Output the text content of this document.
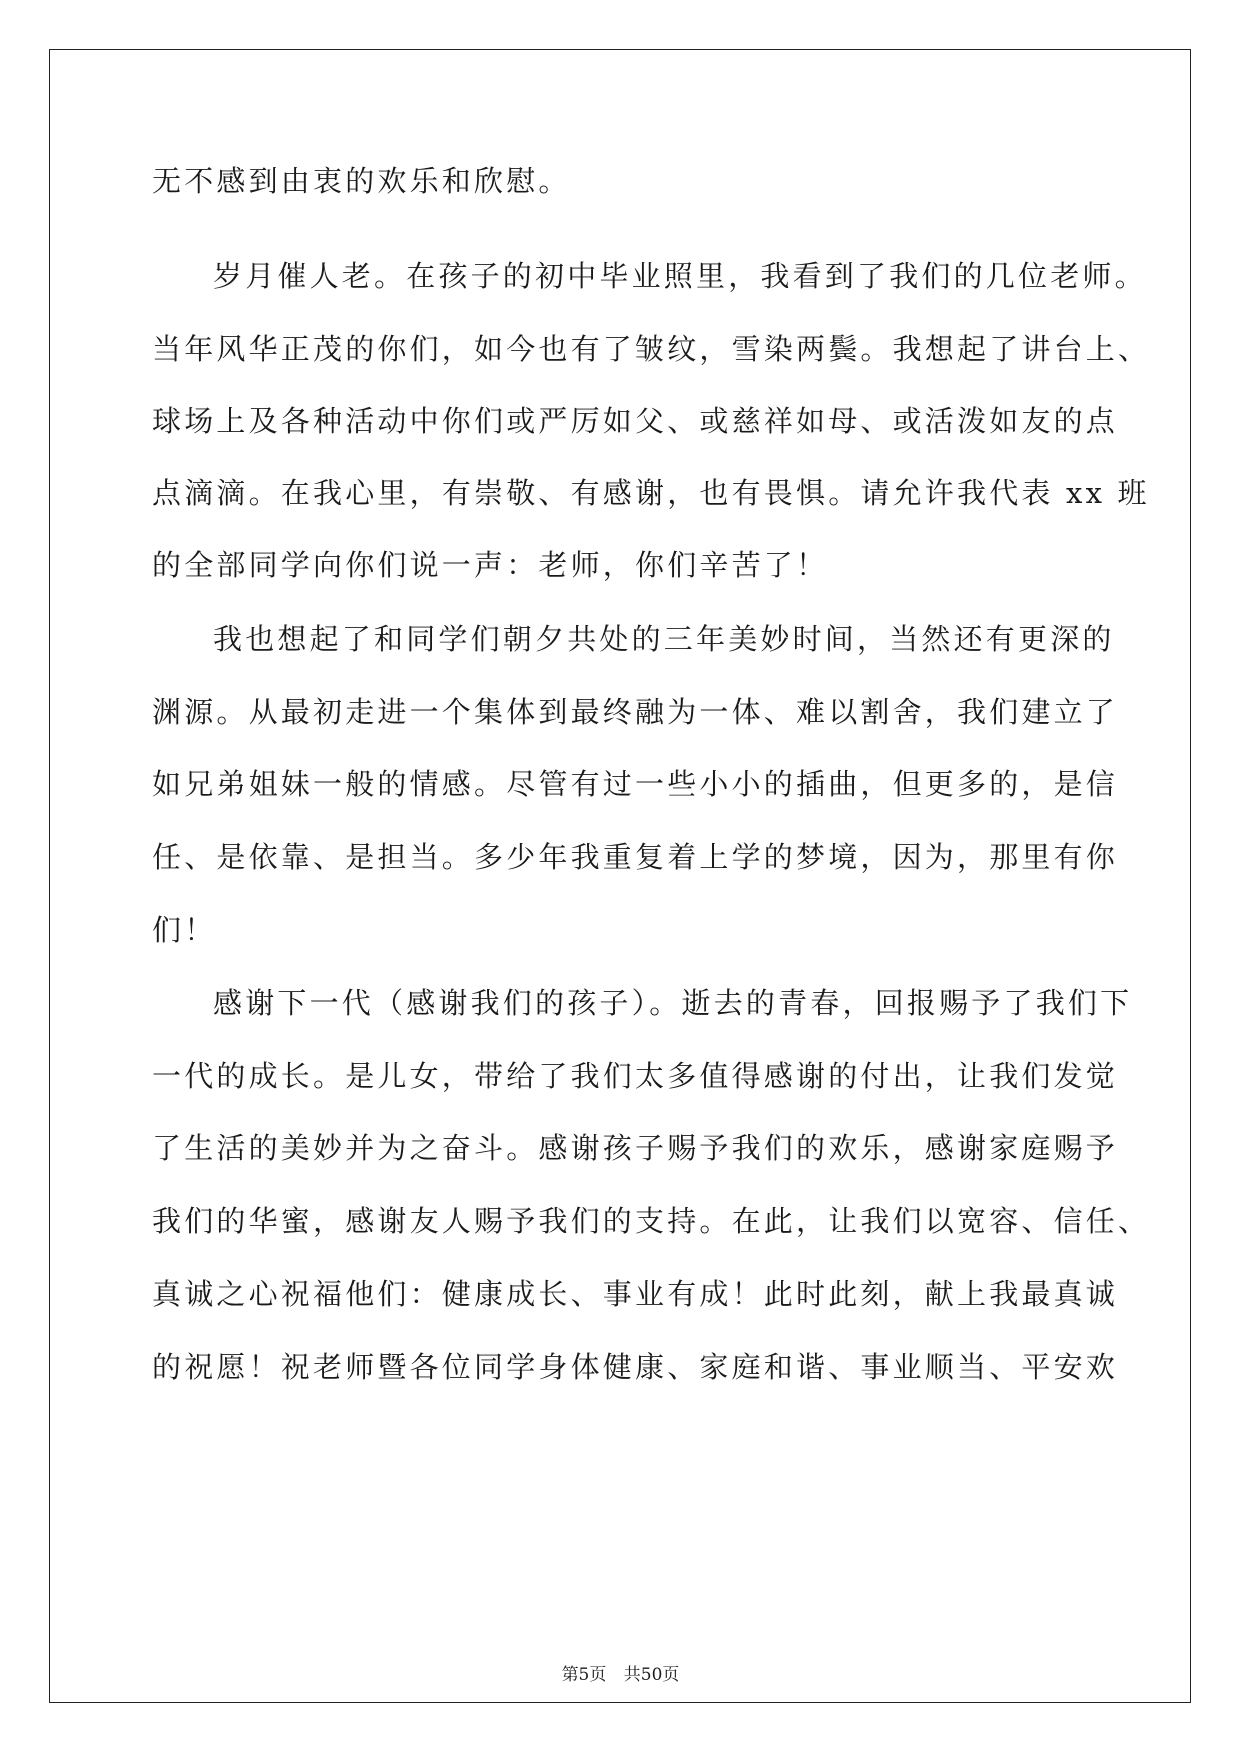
无不感到由衷的欢乐和欣慰。
岁月催人老。在孩子的初中毕业照里，我看到了我们的几位老师。
当年风华正茂的你们，如今也有了皱纹，雪染两鬓。我想起了讲台上、
球场上及各种活动中你们或严厉如父、或慈祥如母、或活泼如友的点
点滴滴。在我心里，有崇敬、有感谢，也有畏惧。请允许我代表 xx 班
的全部同学向你们说一声：老师，你们辛苦了！
我也想起了和同学们朝夕共处的三年美妙时间，当然还有更深的
渊源。从最初走进一个集体到最终融为一体、难以割舍，我们建立了
如兄弟姐妹一般的情感。尽管有过一些小小的插曲，但更多的，是信
任、是依靠、是担当。多少年我重复着上学的梦境，因为，那里有你
们！
感谢下一代（感谢我们的孩子）。逝去的青春，回报赐予了我们下
一代的成长。是儿女，带给了我们太多值得感谢的付出，让我们发觉
了生活的美妙并为之奋斗。感谢孩子赐予我们的欢乐，感谢家庭赐予
我们的华蜜，感谢友人赐予我们的支持。在此，让我们以宽容、信任、
真诚之心祝福他们：健康成长、事业有成！此时此刻，献上我最真诚
的祝愿！祝老师暨各位同学身体健康、家庭和谐、事业顺当、平安欢
第5页 共50页
